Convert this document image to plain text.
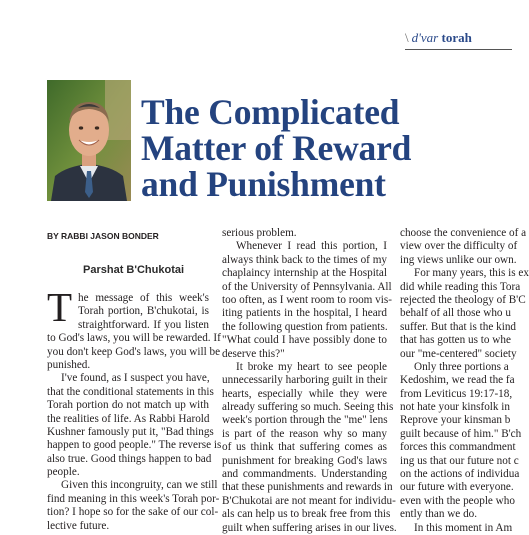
\ d'var torah
The Complicated
Matter of Reward
and Punishment
BY RABBI JASON BONDER
Parshat B'Chukotai
T he message of this week's
Torah portion, B'chukotai, is
straightforward. If you listen
to God's laws, you will be rewarded. If
you don't keep God's laws, you will be
punished.
I've found, as I suspect you have,
that the conditional statements in this
Torah portion do not match up with
the realities of life. As Rabbi Harold
Kushner famously put it, "Bad things
happen to good people." The reverse is
also true. Good things happen to bad
people.
Given this incongruity, can we still
find meaning in this week's Torah por-
tion? I hope so for the sake of our col-
lective future.
serious problem.
Whenever I read this portion, I
always think back to the times of my
chaplaincy internship at the Hospital
of the University of Pennsylvania. All
too often, as I went room to room vis-
iting patients in the hospital, I heard
the following question from patients.
"What could I have possibly done to
deserve this?"
It broke my heart to see people
unnecessarily harboring guilt in their
hearts, especially while they were
already suffering so much. Seeing this
week's portion through the "me" lens
is part of the reason why so many
of us think that suffering comes as
punishment for breaking God's laws
and commandments. Understanding
that these punishments and rewards in
B'Chukotai are not meant for individu-
als can help us to break free from this
guilt when suffering arises in our lives.
choose the convenience of a
view over the difficulty of
ing views unlike our own.
For many years, this is ex
did while reading this Tora
rejected the theology of B'C
behalf of all those who u
suffer. But that is the kind
that has gotten us to whe
our "me-centered" society
Only three portions a
Kedoshim, we read the fa
from Leviticus 19:17-18,
not hate your kinsfolk in
Reprove your kinsman b
guilt because of him." B'ch
forces this commandment
ing us that our future not c
on the actions of individua
our future with everyone.
even with the people who
ently than we do.
In this moment in Am
